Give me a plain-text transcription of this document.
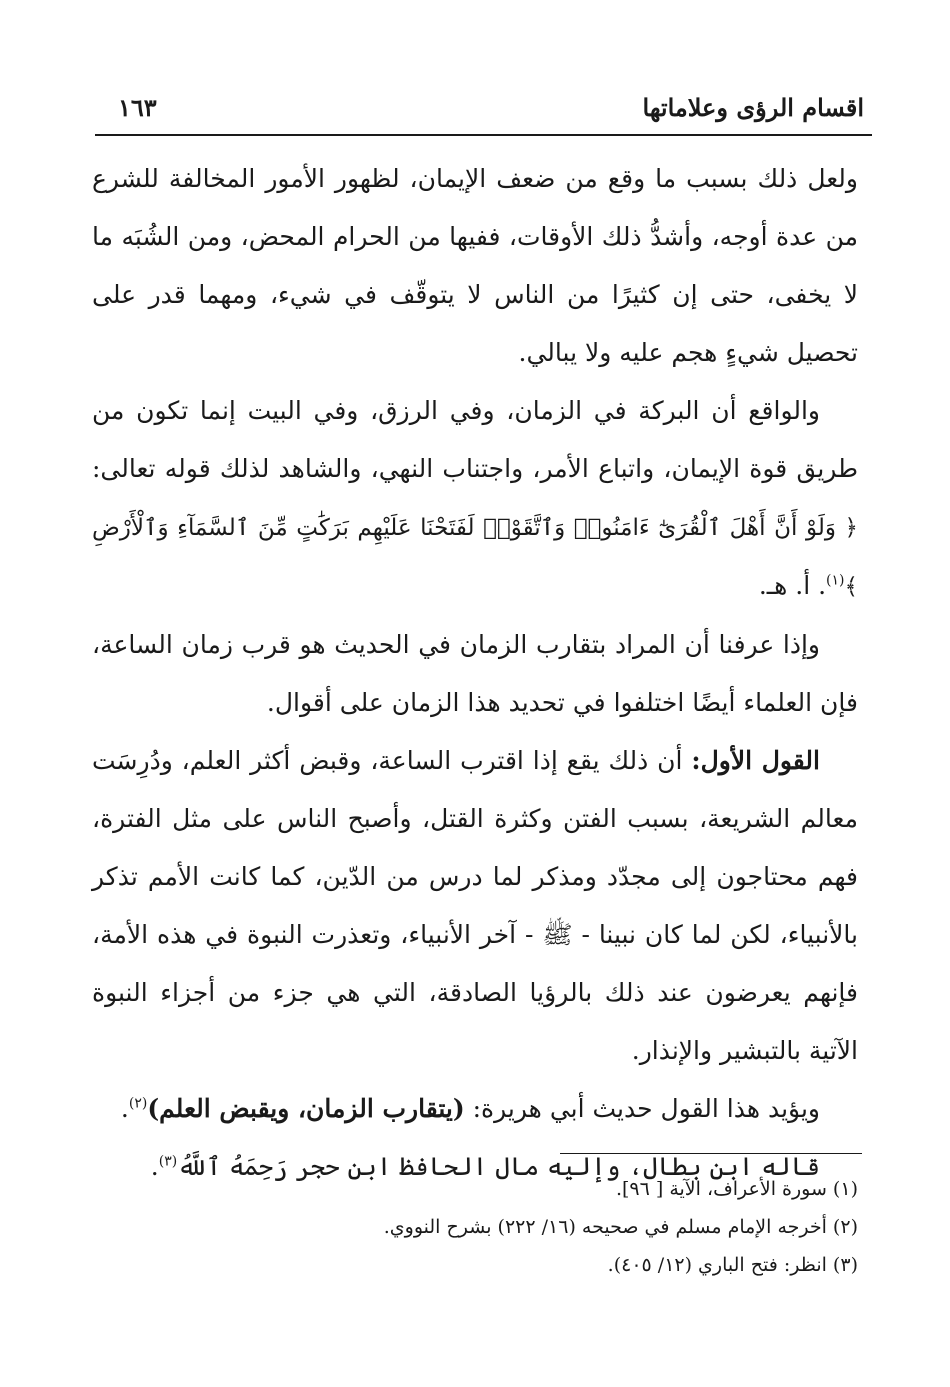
اقسام الرؤى وعلاماتها
١٦٣

ولعل ذلك بسبب ما وقع من ضعف الإيمان، لظهور الأمور المخالفة للشرع من عدة أوجه، وأشدُّ ذلك الأوقات، ففيها من الحرام المحض، ومن الشُبَه ما لا يخفى، حتى إن كثيرًا من الناس لا يتوقّف في شيء، ومهما قدر على تحصيل شيءٍ هجم عليه ولا يبالي.

والواقع أن البركة في الزمان، وفي الرزق، وفي البيت إنما تكون من طريق قوة الإيمان، واتباع الأمر، واجتناب النهي، والشاهد لذلك قوله تعالى: ﴿ وَلَوْ أَنَّ أَهْلَ ٱلْقُرَىٰٓ ءَامَنُوا۟ وَٱتَّقَوْا۟ لَفَتَحْنَا عَلَيْهِم بَرَكَٰتٍ مِّنَ ٱلسَّمَآءِ وَٱلْأَرْضِ ﴾$^{(١)}$. أ. هـ.

وإذا عرفنا أن المراد بتقارب الزمان في الحديث هو قرب زمان الساعة، فإن العلماء أيضًا اختلفوا في تحديد هذا الزمان على أقوال.

القول الأول: أن ذلك يقع إذا اقترب الساعة، وقبض أكثر العلم، ودُرِسَت معالم الشريعة، بسبب الفتن وكثرة القتل، وأصبح الناس على مثل الفترة، فهم محتاجون إلى مجدّد ومذكر لما درس من الدّين، كما كانت الأمم تذكر بالأنبياء، لكن لما كان نبينا - ﷺ - آخر الأنبياء، وتعذرت النبوة في هذه الأمة، فإنهم يعرضون عند ذلك بالرؤيا الصادقة، التي هي جزء من أجزاء النبوة الآتية بالتبشير والإنذار.

ويؤيد هذا القول حديث أبي هريرة: (يتقارب الزمان، ويقبض العلم)$^{(٢)}$.

قاله ابن بطال، وإليه مال الحافظ ابن حجر رَحِمَهُ ٱللَّهُ$^{(٣)}$.

(١) سورة الأعراف، الآية [ ٩٦].

(٢) أخرجه الإمام مسلم في صحيحه (١٦/ ٢٢٢) بشرح النووي.

(٣) انظر: فتح الباري (١٢/ ٤٠٥).
